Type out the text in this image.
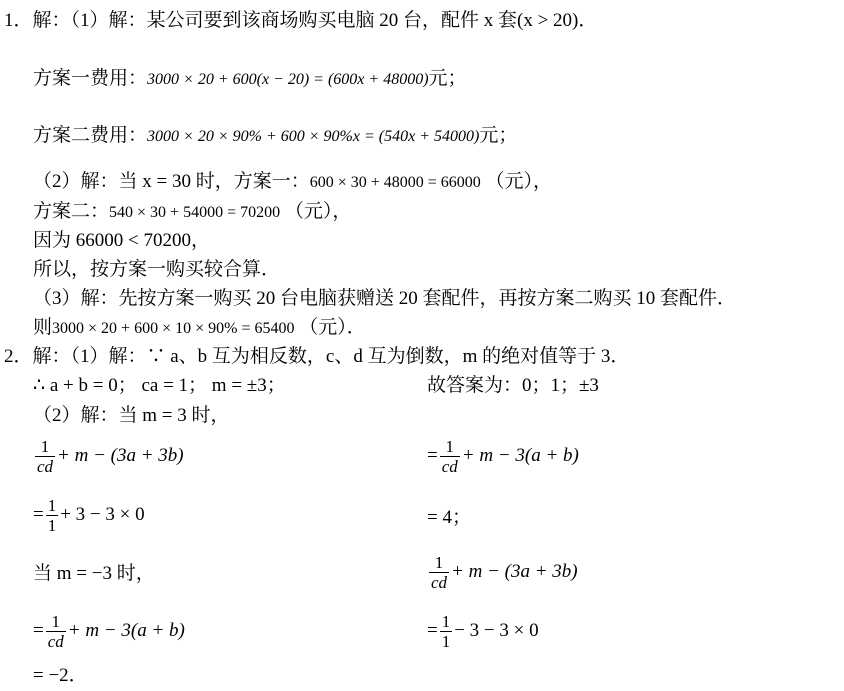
1．解：（1）解：某公司要到该商场购买电脑 20 台，配件 x 套(x > 20)．
方案一费用：3000 × 20 + 600(x − 20) = (600x + 48000)元；
方案二费用：3000 × 20 × 90% + 600 × 90%x = (540x + 54000)元；
（2）解：当 x = 30 时，方案一：600 × 30 + 48000 = 66000 （元），
方案二：540 × 30 + 54000 = 70200 （元），
因为 66000 < 70200，
所以，按方案一购买较合算．
（3）解：先按方案一购买 20 台电脑获赠送 20 套配件，再按方案二购买 10 套配件．
则3000 × 20 + 600 × 10 × 90% = 65400 （元）．
2．解：（1）解：∵ a、b 互为相反数，c、d 互为倒数，m 的绝对值等于 3．
∴ a + b = 0； ca = 1； m = ±3；	故答案为：0；1；±3
（2）解：当 m = 3 时，
$\frac{1}{cd} + m - (3a + 3b)$	= $\frac{1}{cd} + m - 3(a + b)$
= $\frac{1}{1} + 3 - 3 \times 0$	= 4；
当 m = −3 时，	$\frac{1}{cd} + m - (3a + 3b)$
= $\frac{1}{cd} + m - 3(a + b)$	= $\frac{1}{1} - 3 - 3 \times 0$
= −2．
